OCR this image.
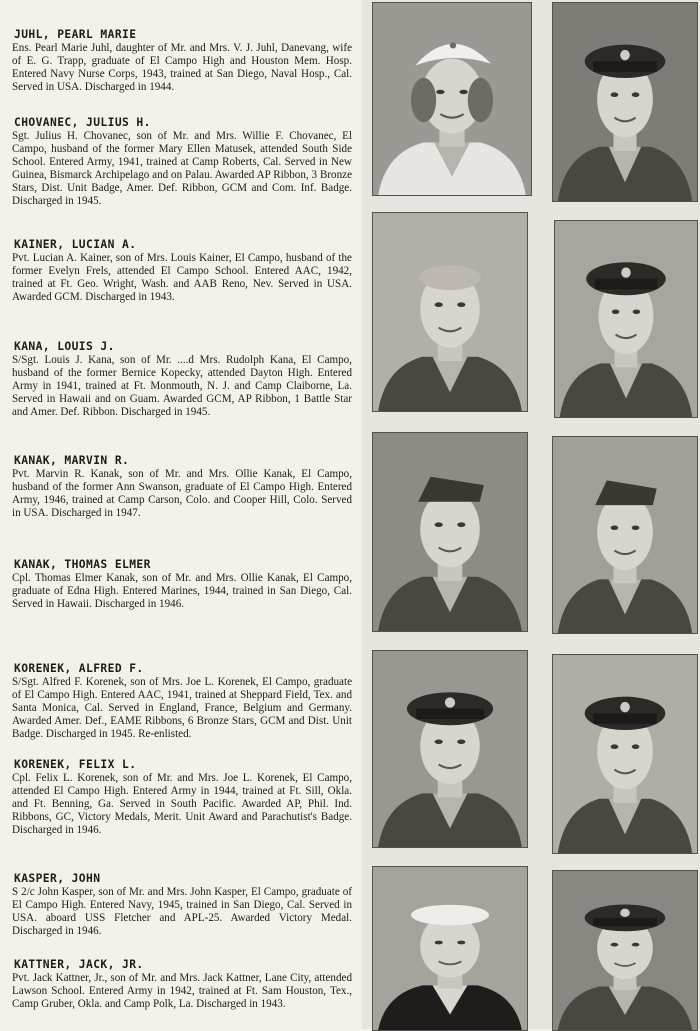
JUHL, PEARL MARIE

Ens. Pearl Marie Juhl, daughter of Mr. and Mrs. V. J. Juhl, Danevang, wife of E. G. Trapp, graduate of El Campo High and Houston Mem. Hosp. Entered Navy Nurse Corps, 1943, trained at San Diego, Naval Hosp., Cal. Served in USA. Discharged in 1944.

CHOVANEC, JULIUS H.

Sgt. Julius H. Chovanec, son of Mr. and Mrs. Willie F. Chovanec, El Campo, husband of the former Mary Ellen Matusek, attended South Side School. Entered Army, 1941, trained at Camp Roberts, Cal. Served in New Guinea, Bismarck Archipelago and on Palau. Awarded AP Ribbon, 3 Bronze Stars, Dist. Unit Badge, Amer. Def. Ribbon, GCM and Com. Inf. Badge. Discharged in 1945.

KAINER, LUCIAN A.

Pvt. Lucian A. Kainer, son of Mrs. Louis Kainer, El Campo, husband of the former Evelyn Frels, attended El Campo School. Entered AAC, 1942, trained at Ft. Geo. Wright, Wash. and AAB Reno, Nev. Served in USA. Awarded GCM. Discharged in 1943.

KANA, LOUIS J.

S/Sgt. Louis J. Kana, son of Mr. ....d Mrs. Rudolph Kana, El Campo, husband of the former Bernice Kopecky, attended Dayton High. Entered Army in 1941, trained at Ft. Monmouth, N. J. and Camp Claiborne, La. Served in Hawaii and on Guam. Awarded GCM, AP Ribbon, 1 Battle Star and Amer. Def. Ribbon. Discharged in 1945.

KANAK, MARVIN R.

Pvt. Marvin R. Kanak, son of Mr. and Mrs. Ollie Kanak, El Campo, husband of the former Ann Swanson, graduate of El Campo High. Entered Army, 1946, trained at Camp Carson, Colo. and Cooper Hill, Colo. Served in USA. Discharged in 1947.

KANAK, THOMAS ELMER

Cpl. Thomas Elmer Kanak, son of Mr. and Mrs. Ollie Kanak, El Campo, graduate of Edna High. Entered Marines, 1944, trained in San Diego, Cal. Served in Hawaii. Discharged in 1946.

KORENEK, ALFRED F.

S/Sgt. Alfred F. Korenek, son of Mrs. Joe L. Korenek, El Campo, graduate of El Campo High. Entered AAC, 1941, trained at Sheppard Field, Tex. and Santa Monica, Cal. Served in England, France, Belgium and Germany. Awarded Amer. Def., EAME Ribbons, 6 Bronze Stars, GCM and Dist. Unit Badge. Discharged in 1945. Re-enlisted.

KORENEK, FELIX L.

Cpl. Felix L. Korenek, son of Mr. and Mrs. Joe L. Korenek, El Campo, attended El Campo High. Entered Army in 1944, trained at Ft. Sill, Okla. and Ft. Benning, Ga. Served in South Pacific. Awarded AP, Phil. Ind. Ribbons, GC, Victory Medals, Merit. Unit Award and Parachutist's Badge. Discharged in 1946.

KASPER, JOHN

S 2/c John Kasper, son of Mr. and Mrs. John Kasper, El Campo, graduate of El Campo High. Entered Navy, 1945, trained in San Diego, Cal. Served in USA. aboard USS Fletcher and APL-25. Awarded Victory Medal. Discharged in 1946.

KATTNER, JACK, JR.

Pvt. Jack Kattner, Jr., son of Mr. and Mrs. Jack Kattner, Lane City, attended Lawson School. Entered Army in 1942, trained at Ft. Sam Houston, Tex., Camp Gruber, Okla. and Camp Polk, La. Discharged in 1943.
